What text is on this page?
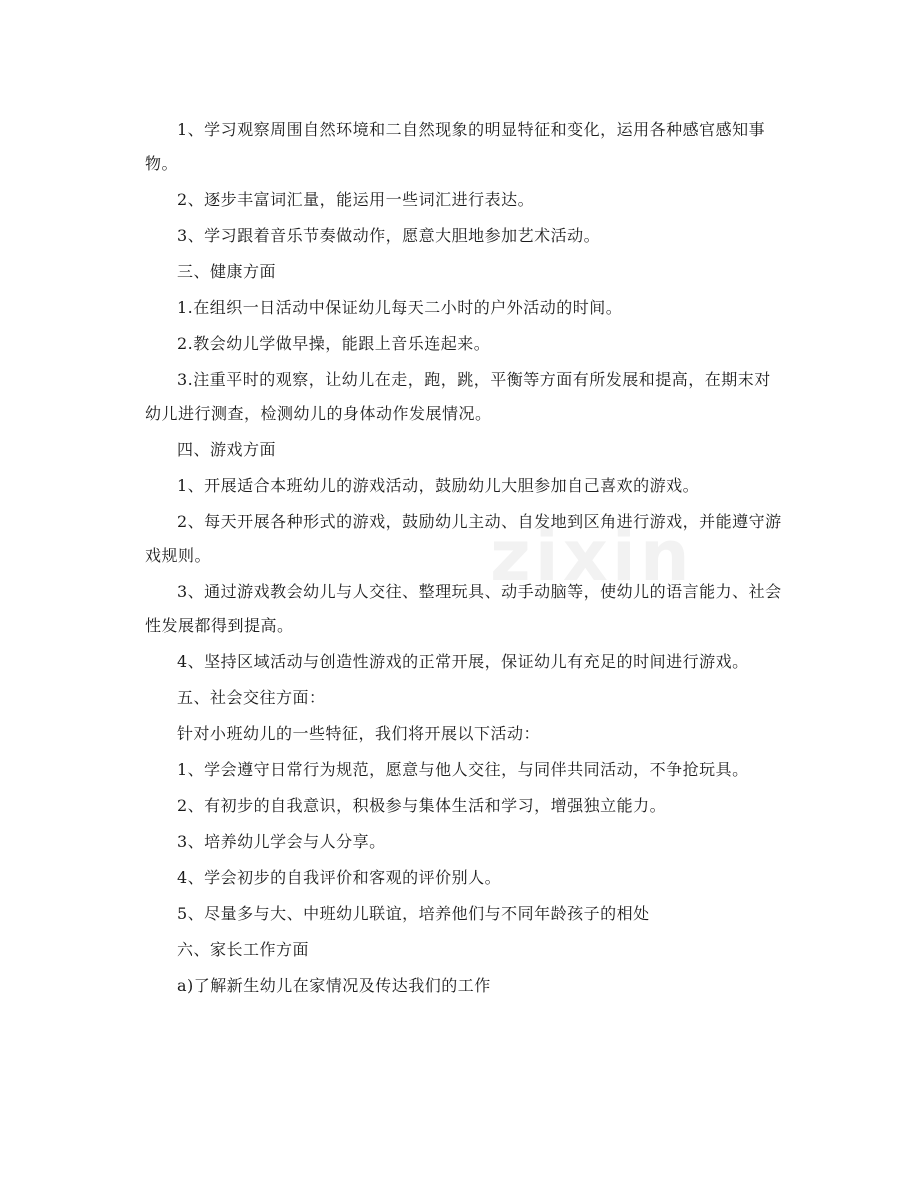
zixin

1、学习观察周围自然环境和二自然现象的明显特征和变化，运用各种感官感知事物。

2、逐步丰富词汇量，能运用一些词汇进行表达。

3、学习跟着音乐节奏做动作，愿意大胆地参加艺术活动。

三、健康方面

1.在组织一日活动中保证幼儿每天二小时的户外活动的时间。

2.教会幼儿学做早操，能跟上音乐连起来。

3.注重平时的观察，让幼儿在走，跑，跳，平衡等方面有所发展和提高，在期末对幼儿进行测查，检测幼儿的身体动作发展情况。

四、游戏方面

1、开展适合本班幼儿的游戏活动，鼓励幼儿大胆参加自己喜欢的游戏。

2、每天开展各种形式的游戏，鼓励幼儿主动、自发地到区角进行游戏，并能遵守游戏规则。

3、通过游戏教会幼儿与人交往、整理玩具、动手动脑等，使幼儿的语言能力、社会性发展都得到提高。

4、坚持区域活动与创造性游戏的正常开展，保证幼儿有充足的时间进行游戏。

五、社会交往方面：

针对小班幼儿的一些特征，我们将开展以下活动：

1、学会遵守日常行为规范，愿意与他人交往，与同伴共同活动，不争抢玩具。

2、有初步的自我意识，积极参与集体生活和学习，增强独立能力。

3、培养幼儿学会与人分享。

4、学会初步的自我评价和客观的评价别人。

5、尽量多与大、中班幼儿联谊，培养他们与不同年龄孩子的相处

六、家长工作方面

a)了解新生幼儿在家情况及传达我们的工作
